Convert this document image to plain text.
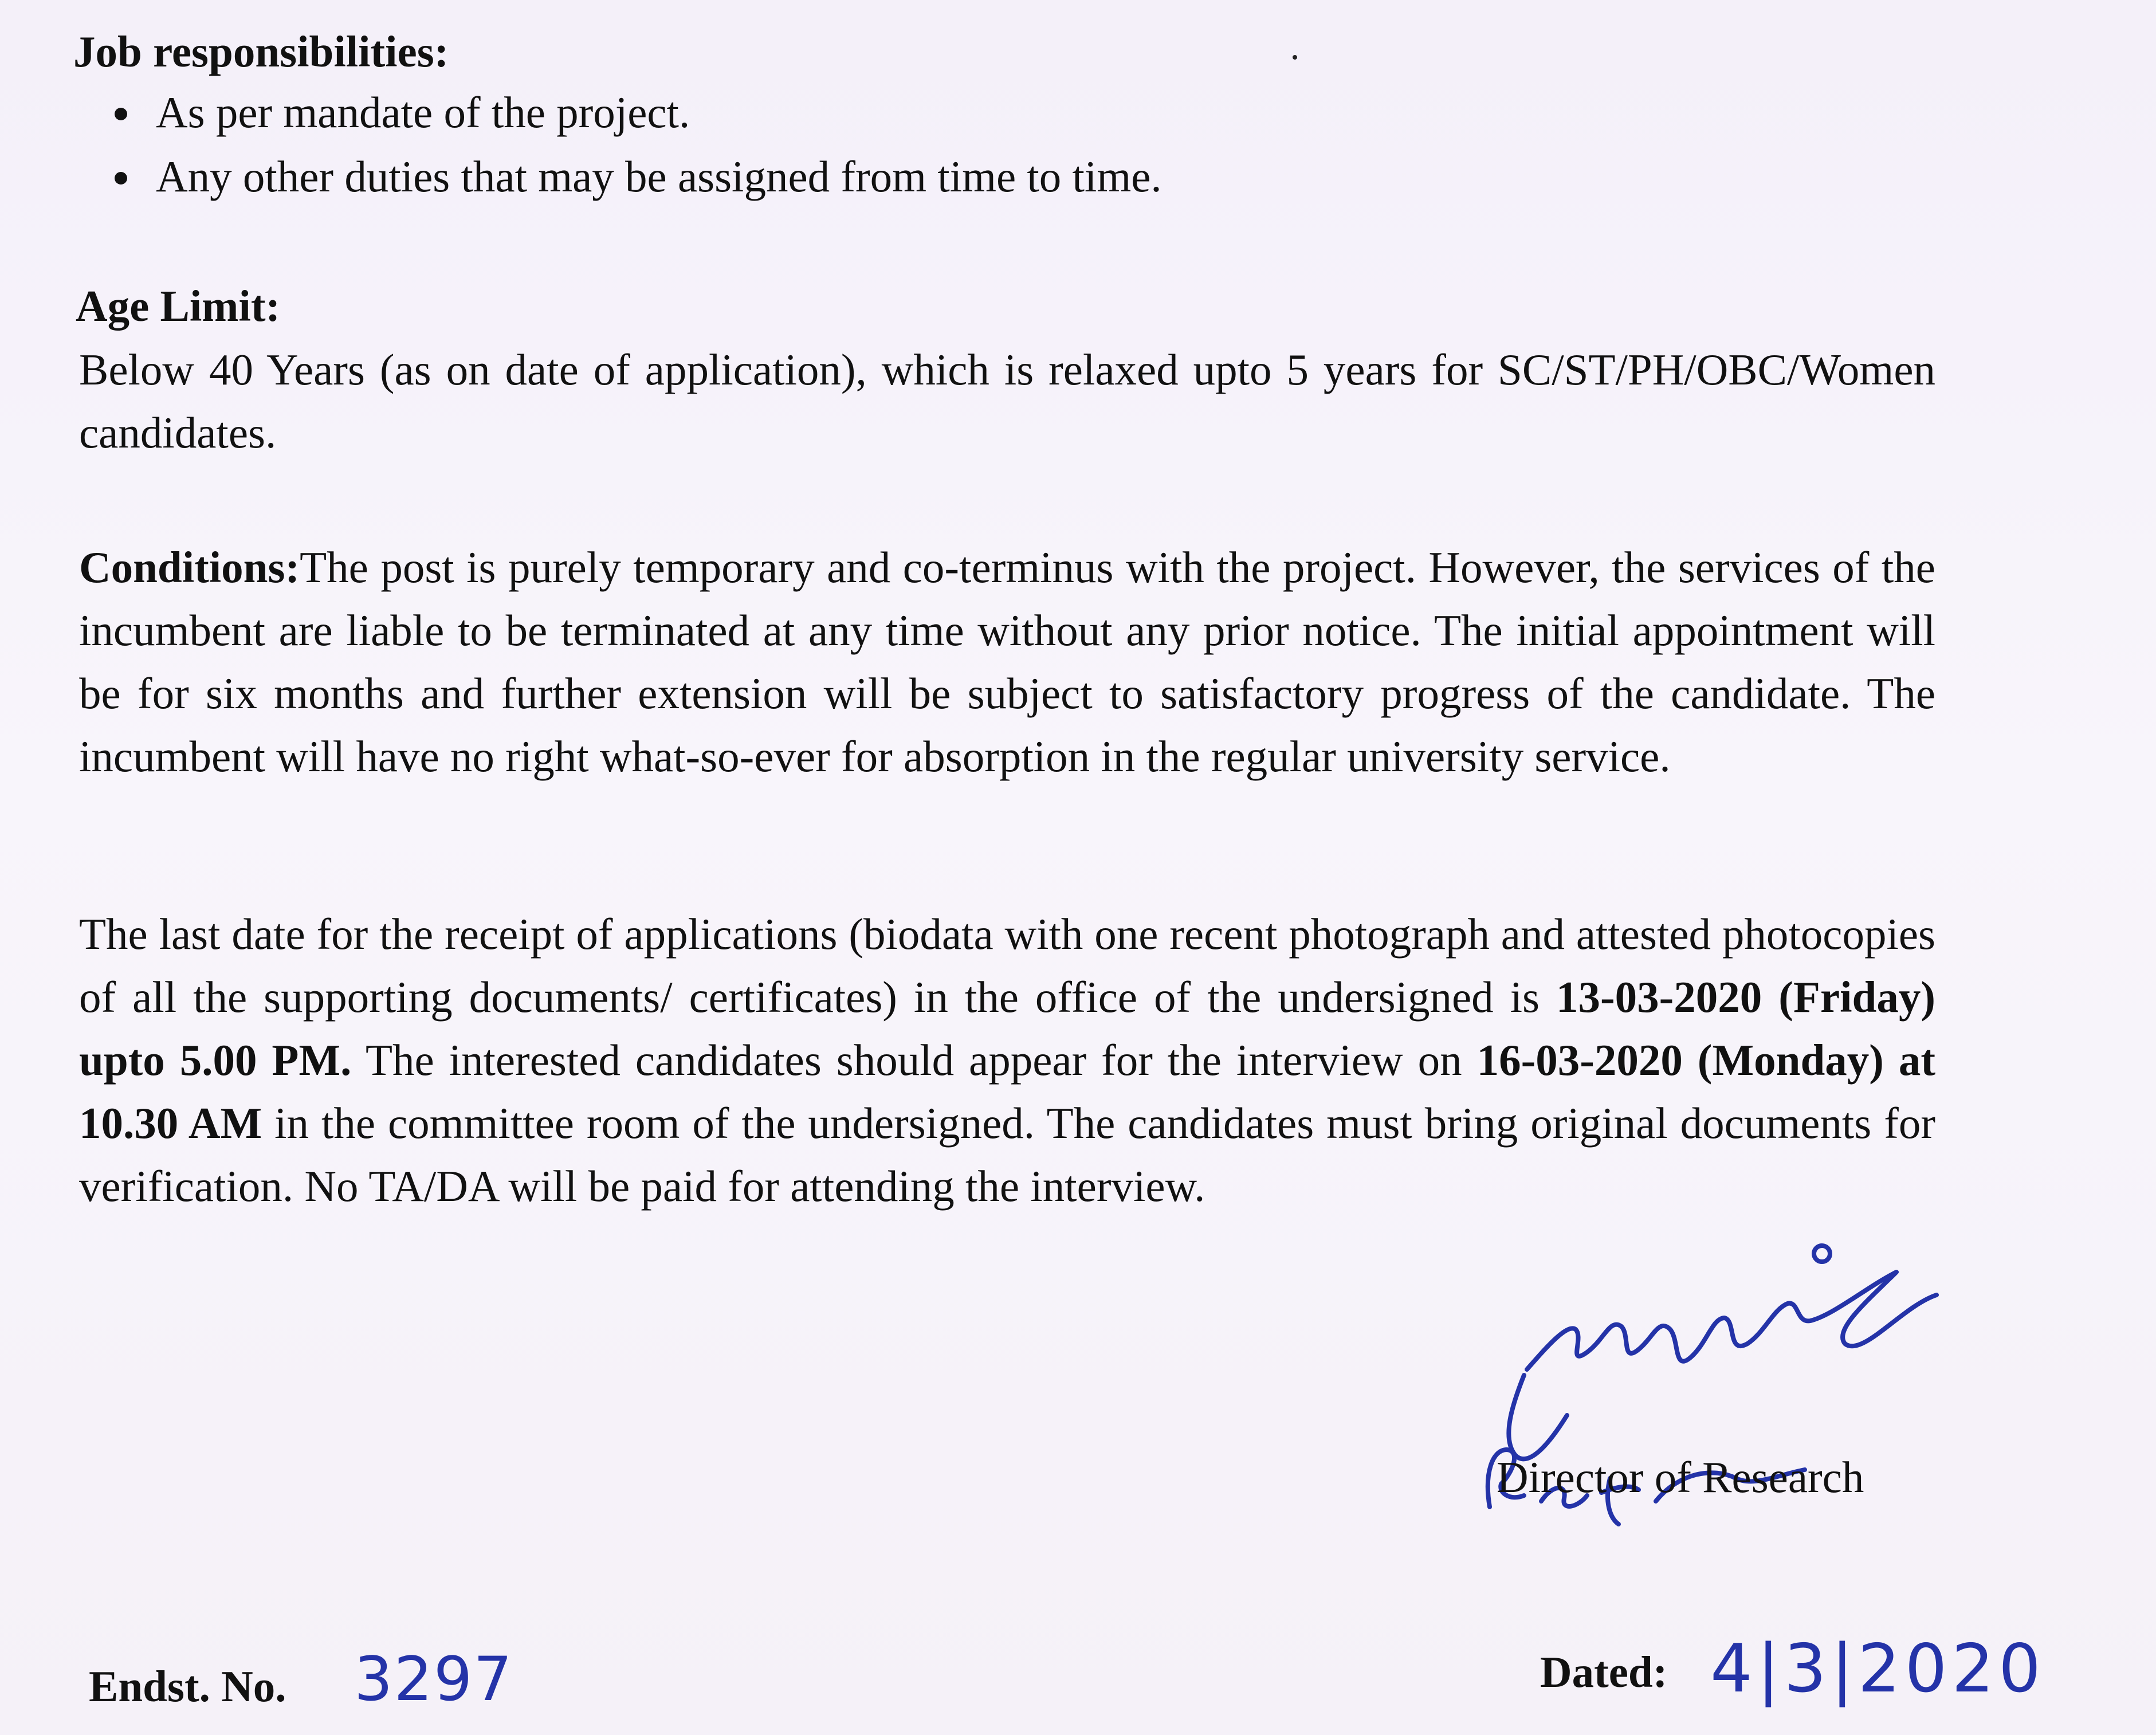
Job responsibilities:
As per mandate of the project.
Any other duties that may be assigned from time to time.
Age Limit:
Below 40 Years (as on date of application), which is relaxed upto 5 years for SC/ST/PH/OBC/Women candidates.
Conditions:The post is purely temporary and co-terminus with the project. However, the services of the incumbent are liable to be terminated at any time without any prior notice. The initial appointment will be for six months and further extension will be subject to satisfactory progress of the candidate. The incumbent will have no right what-so-ever for absorption in the regular university service.
The last date for the receipt of applications (biodata with one recent photograph and attested photocopies of all the supporting documents/ certificates) in the office of the undersigned is 13-03-2020 (Friday) upto 5.00 PM. The interested candidates should appear for the interview on 16-03-2020 (Monday) at 10.30 AM in the committee room of the undersigned. The candidates must bring original documents for verification. No TA/DA will be paid for attending the interview.
Director of Research
Endst. No. 3297	Dated: 4|3|2020
